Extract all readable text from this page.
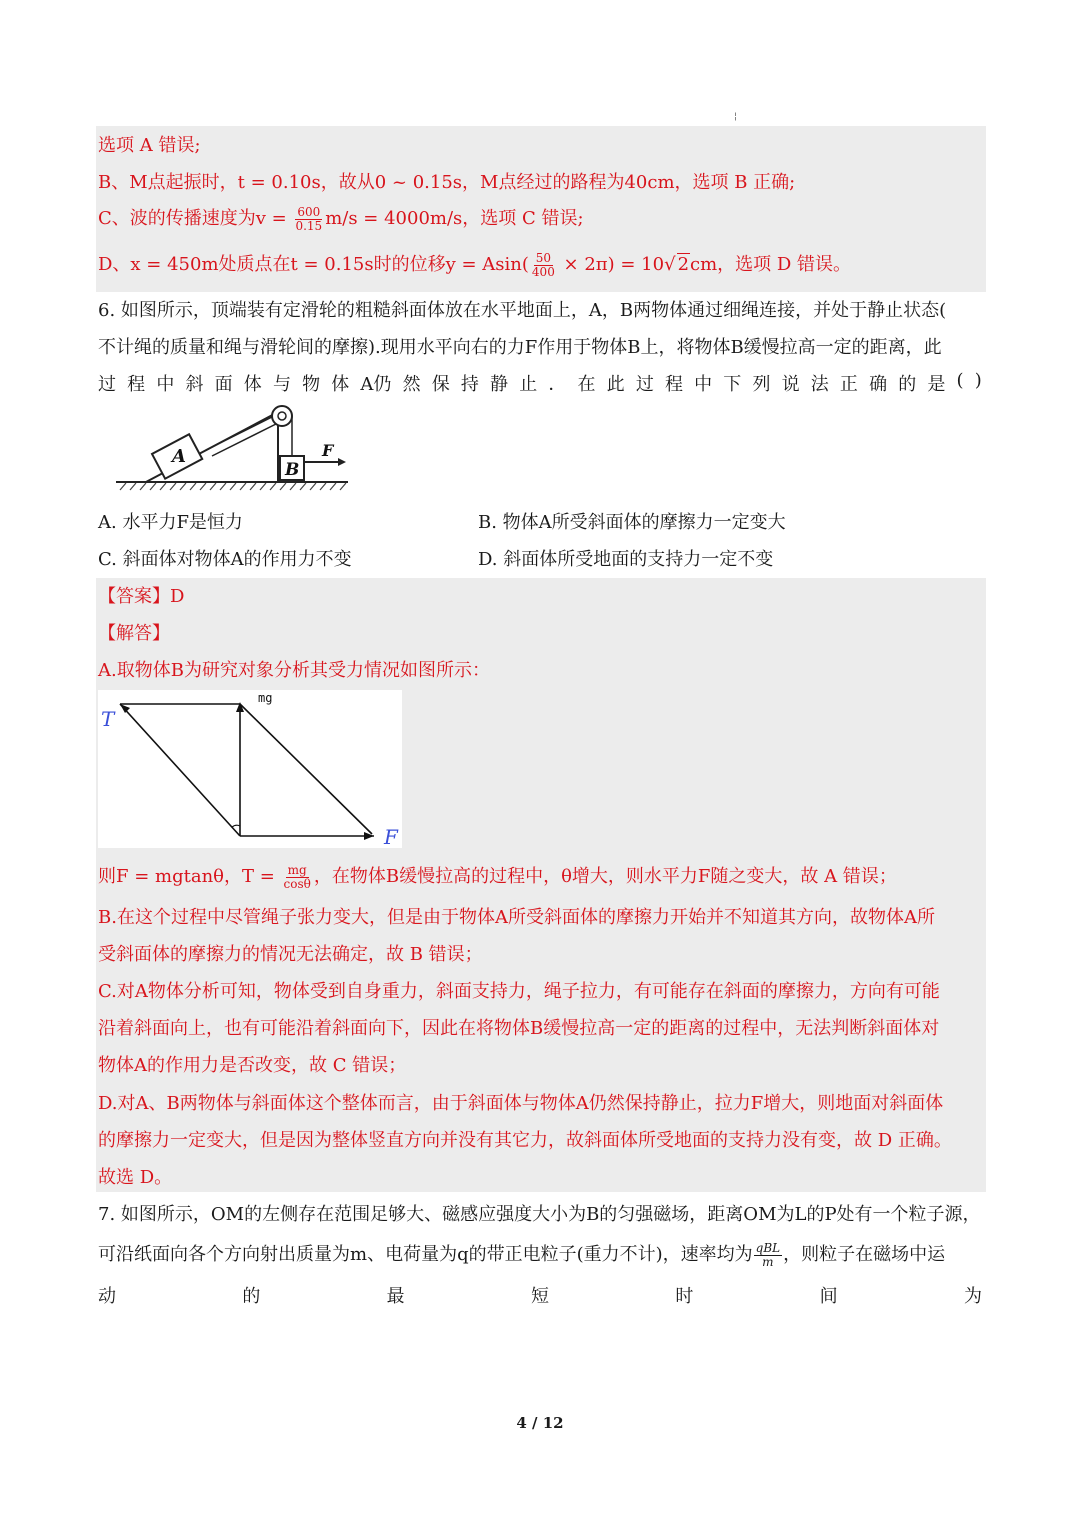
¦
选项 A 错误;
B、M点起振时，t = 0.10s，故从0 ~ 0.15s，M点经过的路程为40cm，选项 B 正确;
C、波的传播速度为$v = \frac{600}{0.15} m/s = 4000m/s$，选项 C 错误;
D、x = 450m处质点在t = 0.15s时的位移$y = Asin( \frac{50}{400} \times 2\pi) = 10√$ 2cm，选项 D 错误。
6. 如图所示，顶端装有定滑轮的粗糙斜面体放在水平地面上，A，B两物体通过细绳连接，并处于静止状态(
不计绳的质量和绳与滑轮间的摩擦).现用水平向右的力F作用于物体B上，将物体B缓慢拉高一定的距离，此
过 程 中 斜 面 体 与 物 体 A仍 然 保 持 静 止 ． 在 此 过 程 中 下 列 说 法 正 确 的 是 ( )
A
B
F
A. 水平力F是恒力	B. 物体A所受斜面体的摩擦力一定变大
C. 斜面体对物体A的作用力不变	D. 斜面体所受地面的支持力一定不变
【答案】D
【解答】
A.取物体B为研究对象分析其受力情况如图所示：
T
mg
F
则F = mgtanθ，$T = \frac{mg}{\cos\theta}$ ，在物体B缓慢拉高的过程中，θ增大，则水平力F随之变大，故 A 错误；
B.在这个过程中尽管绳子张力变大，但是由于物体A所受斜面体的摩擦力开始并不知道其方向，故物体A所
受斜面体的摩擦力的情况无法确定，故 B 错误；
C.对A物体分析可知，物体受到自身重力，斜面支持力，绳子拉力，有可能存在斜面的摩擦力，方向有可能
沿着斜面向上，也有可能沿着斜面向下，因此在将物体B缓慢拉高一定的距离的过程中，无法判断斜面体对
物体A的作用力是否改变，故 C 错误；
D.对A、B两物体与斜面体这个整体而言，由于斜面体与物体A仍然保持静止，拉力F增大，则地面对斜面体
的摩擦力一定变大，但是因为整体竖直方向并没有其它力，故斜面体所受地面的支持力没有变，故 D 正确。
故选 D。
7. 如图所示，OM的左侧存在范围足够大、磁感应强度大小为B的匀强磁场，距离OM为L的P处有一个粒子源，
可沿纸面向各个方向射出质量为m、电荷量为q的带正电粒子(重力不计)，速率均为 $\frac{\text{qBL}}{m}$ ，则粒子在磁场中运
动	的	最	短	时	间	为
4 / 12
